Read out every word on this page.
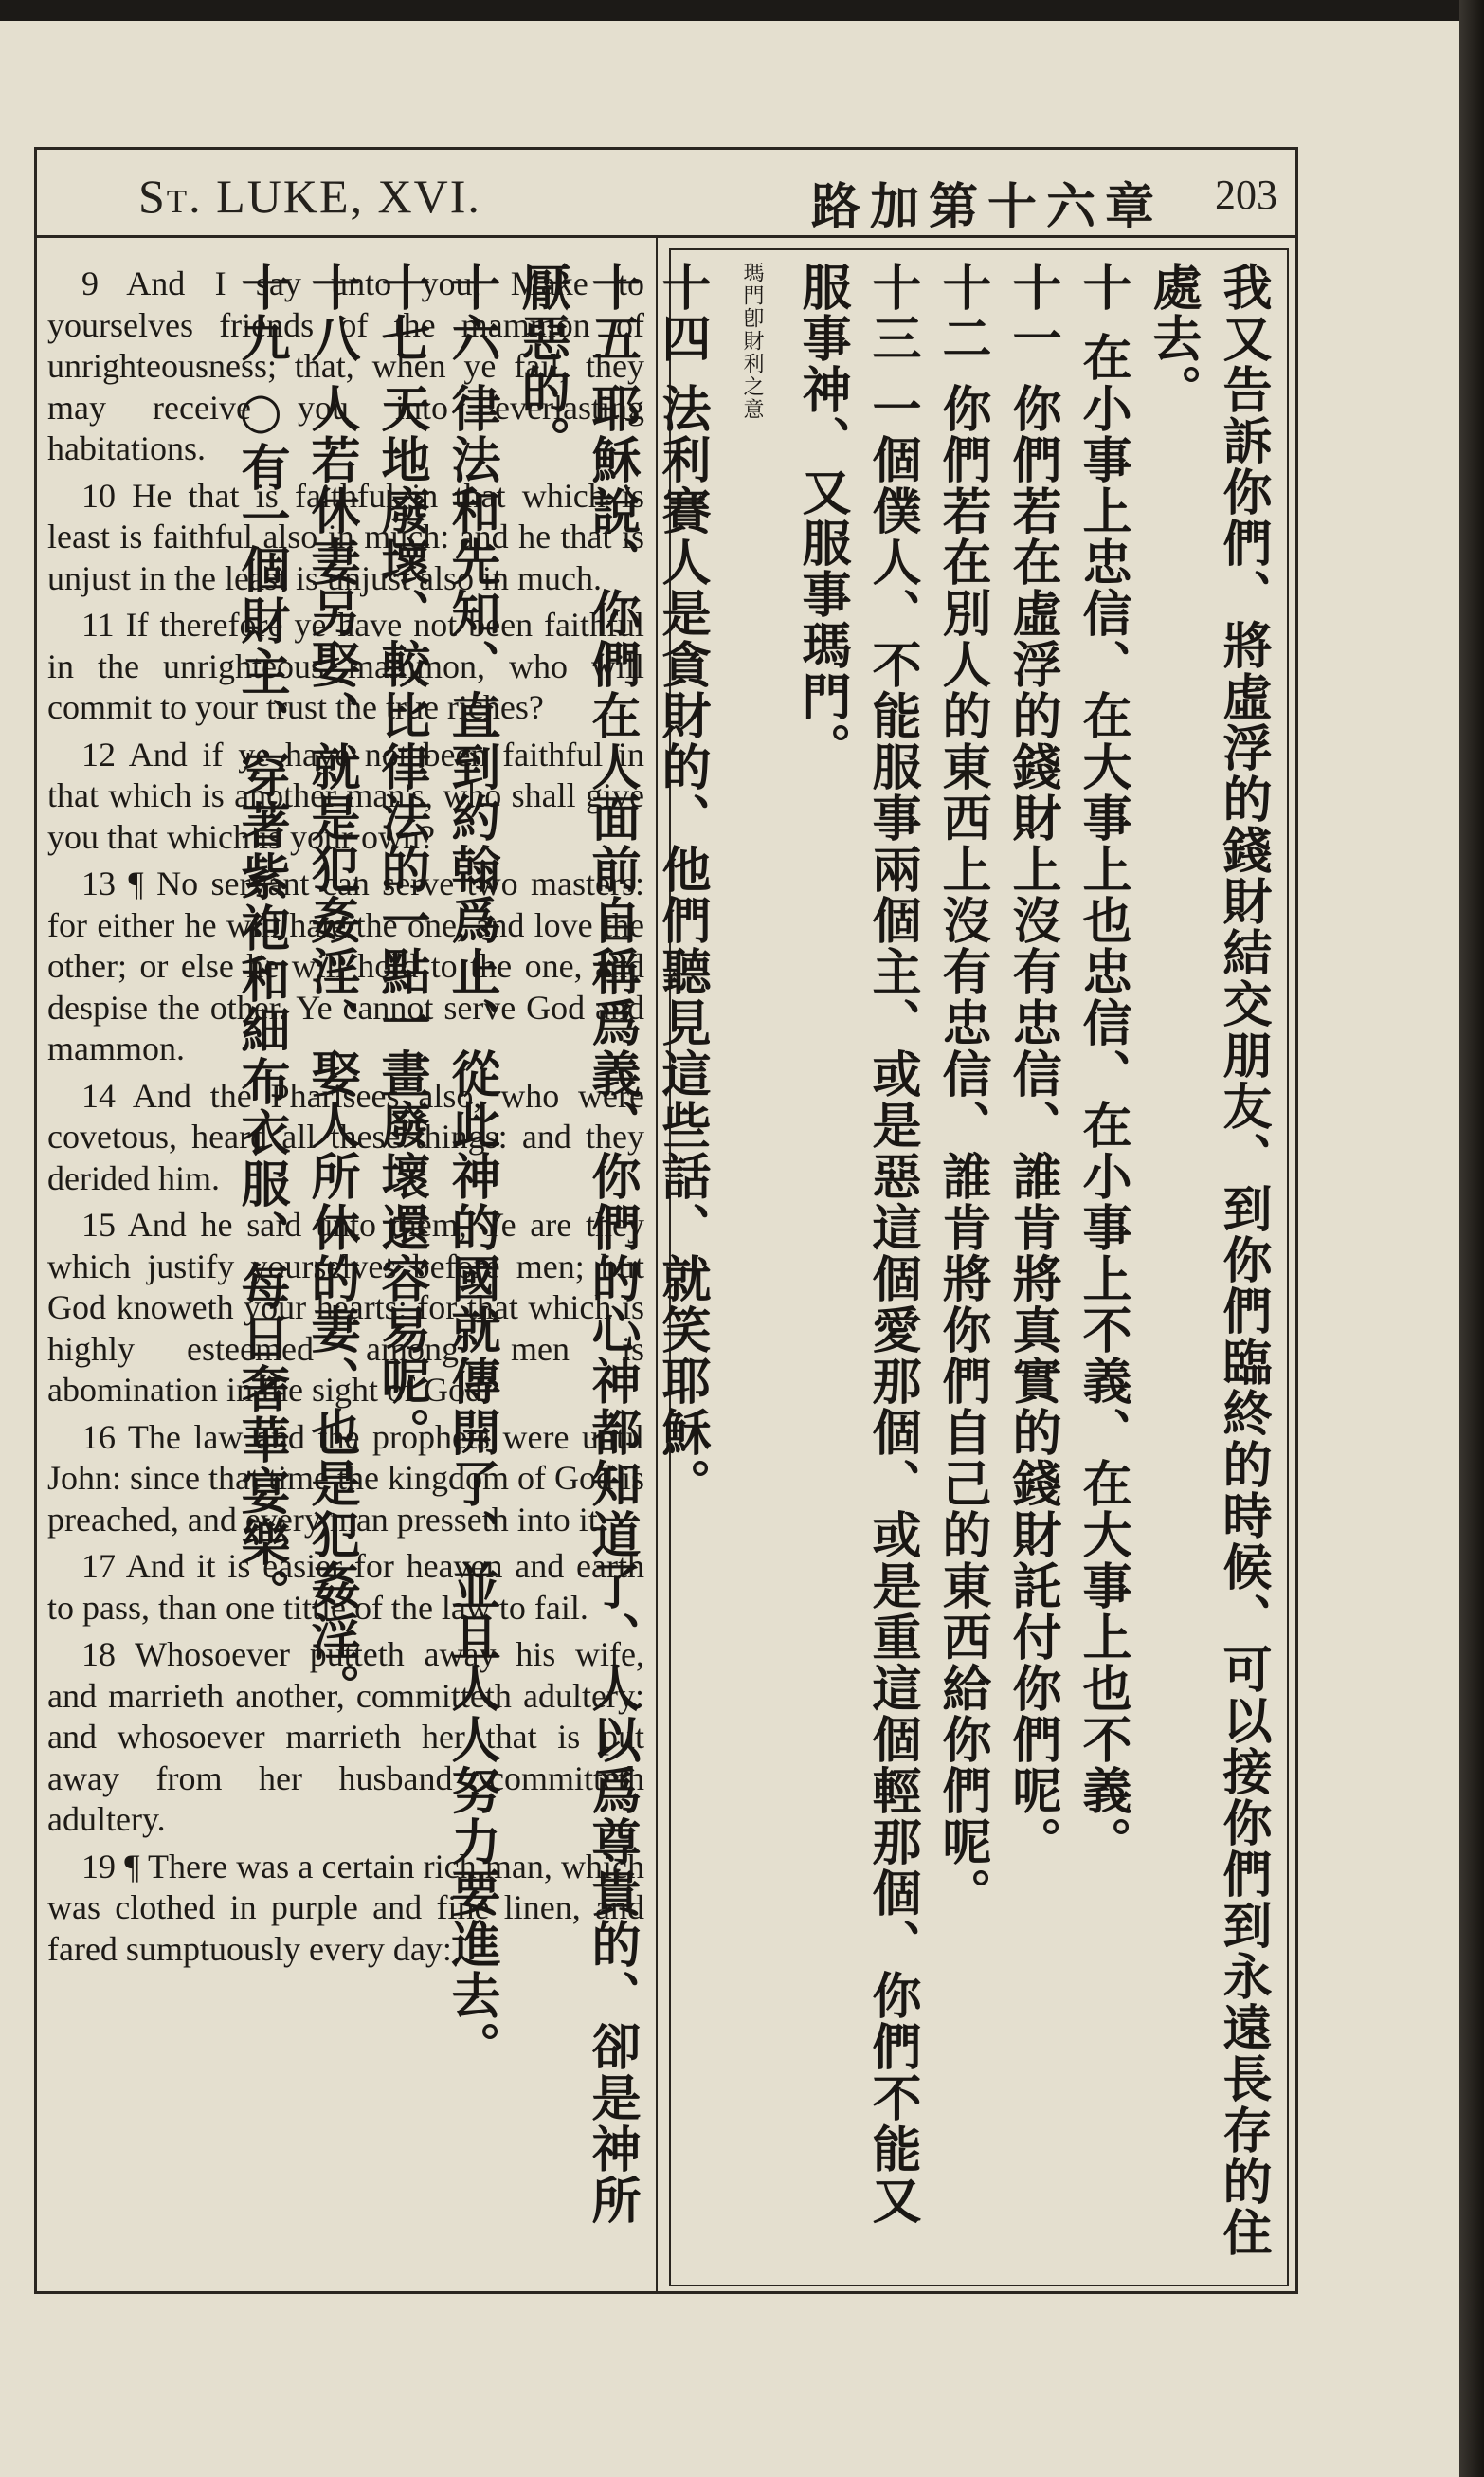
St. LUKE, XVI.	路加第十六章 203

9 And I say unto you, Make to yourselves friends of the mammon of unrighteousness; that, when ye fail, they may receive you into everlasting habitations.

10 He that is faithful in that which is least is faithful also in much: and he that is unjust in the least is unjust also in much.

11 If therefore ye have not been faithful in the unrighteous mammon, who will commit to your trust the true riches?

12 And if ye have not been faithful in that which is another man's, who shall give you that which is your own?

13 ¶ No servant can serve two masters: for either he will hate the one, and love the other; or else he will hold to the one, and despise the other. Ye cannot serve God and mammon.

14 And the Pharisees also, who were covetous, heard all these things: and they derided him.

15 And he said unto them, Ye are they which justify yourselves before men; but God knoweth your hearts: for that which is highly esteemed among men is abomination in the sight of God.

16 The law and the prophets were until John: since that time the kingdom of God is preached, and every man presseth into it.

17 And it is easier for heaven and earth to pass, than one tittle of the law to fail.

18 Whosoever putteth away his wife, and marrieth another, committeth adultery: and whosoever marrieth her that is put away from her husband committeth adultery.

19 ¶ There was a certain rich man, which was clothed in purple and fine linen, and fared sumptuously every day:	我又告訴你們、將虛浮的錢財結交朋友、到你們臨終的時候、可以接你們到永遠長存的住處去。

十 在小事上忠信、在大事上也忠信、在小事上不義、在大事上也不義。

十一 你們若在虛浮的錢財上沒有忠信、誰肯將真實的錢財託付你們呢。

十二 你們若在別人的東西上沒有忠信、誰肯將你們自己的東西給你們呢。

十三 一個僕人、不能服事兩個主、或是惡這個愛那個、或是重這個輕那個、你們不能又服事神、又服事瑪門。

瑪門卽財利之意

十四 法利賽人是貪財的、他們聽見這些話、就笑耶穌。

十五 耶穌說、你們在人面前自稱爲義、你們的心神都知道了、人以爲尊貴的、卻是神所厭惡的。

十六 律法和先知、直到約翰爲止、從此神的國就傳開了、並且人人努力要進去。

十七 天地廢壞、較比律法的一點一畫廢壞還容易呢。

十八 人若休妻另娶、就是犯姦淫、娶人所休的妻、也是犯姦淫。

十九 ○有一個財主、穿著紫袍和細布衣服、每日奢華宴樂。
